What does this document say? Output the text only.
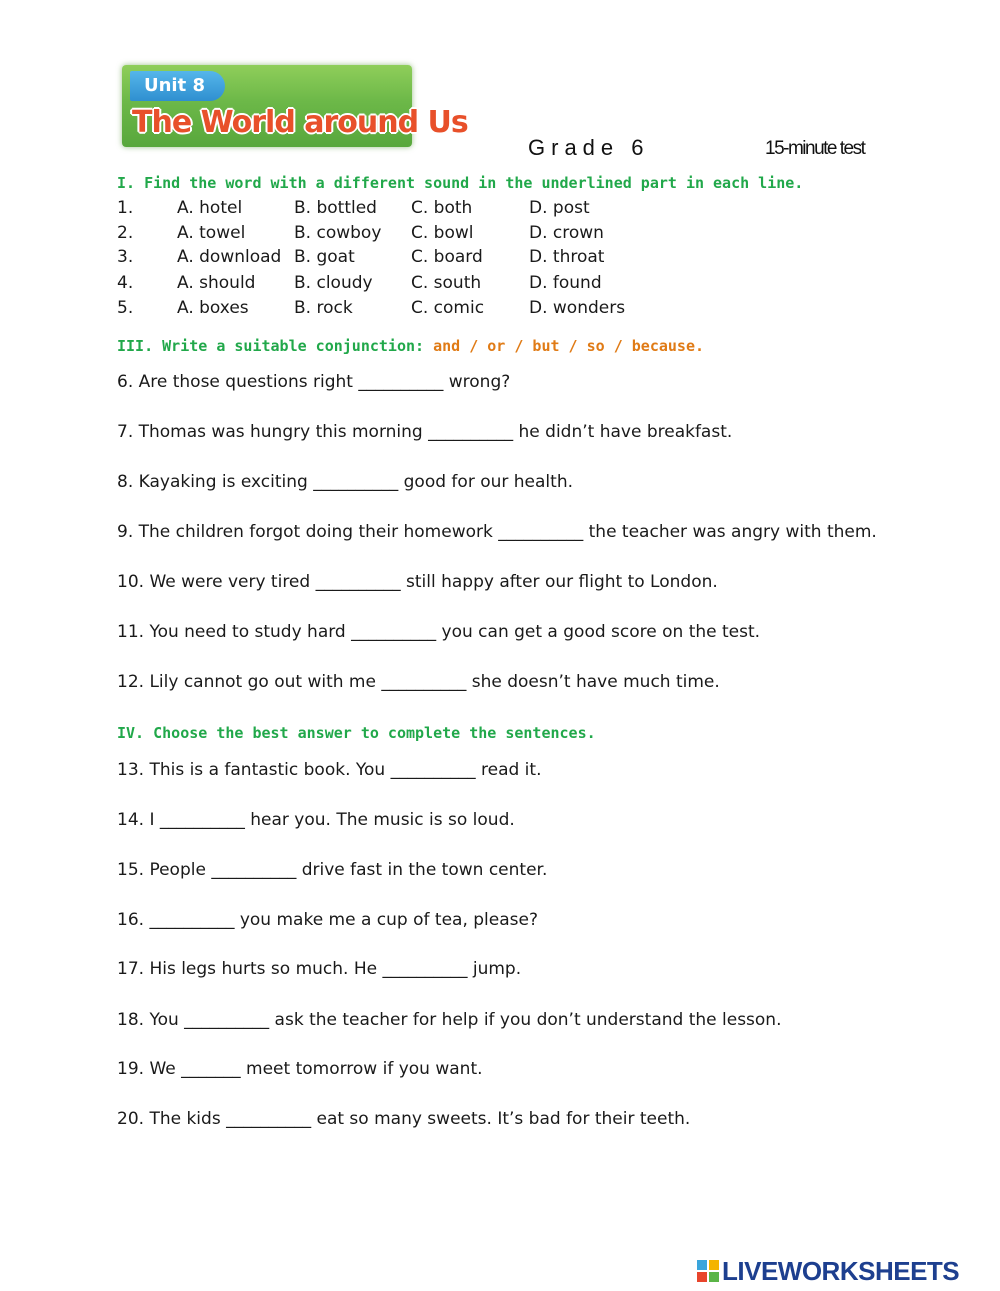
Unit 8
The World around Us
Grade 6	15-minute test
I. Find the word with a different sound in the underlined part in each line.
1.	A. hotel	B. bottled C. both	D. post
2.	A. towel	B. cowboy C. bowl	D. crown
3.	A. download B. goat	C. board	D. throat
4.	A. should B. cloudy C. south	D. found
5.	A. boxes	B. rock	C. comic	D. wonders
III. Write a suitable conjunction: and / or / but / so / because.
6. Are those questions right __________ wrong?
7. Thomas was hungry this morning __________ he didn’t have breakfast.
8. Kayaking is exciting __________ good for our health.
9. The children forgot doing their homework __________ the teacher was angry with them.
10. We were very tired __________ still happy after our flight to London.
11. You need to study hard __________ you can get a good score on the test.
12. Lily cannot go out with me __________ she doesn’t have much time.
IV. Choose the best answer to complete the sentences.
13. This is a fantastic book. You __________ read it.
14. I __________ hear you. The music is so loud.
15. People __________ drive fast in the town center.
16. __________ you make me a cup of tea, please?
17. His legs hurts so much. He __________ jump.
18. You __________ ask the teacher for help if you don’t understand the lesson.
19. We _______ meet tomorrow if you want.
20. The kids __________ eat so many sweets. It’s bad for their teeth.
LIVEWORKSHEETS
